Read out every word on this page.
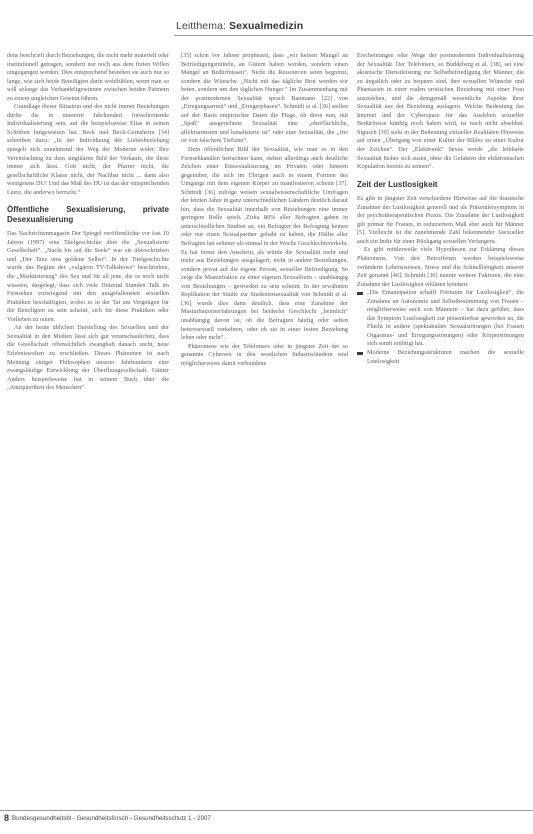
Leitthema: Sexualmedizin

dens beschrieft durch Beziehungen, die nicht mehr materiell oder institutionell getragen, sondern nur noch aus dem freien Willen eingegangen werden. Dies entsprechend bestehen sie auch nur so lange, wie sich beide Beteiligten darin wohlfühlen, wenn man so will solange das Verhandeltgewinnen zwischen beiden Partnern zu einem ungleichen Gewinn führen.

Grundlage dieser Situation und des nicht immer Beziehungen dürfte die in unserem Jahrhundert fortschreitende Individualisierung sein, auf die beispielsweise Elias in seinen Schriften hingewiesen hat. Beck und Beck-Gernsheim [34] schreiben dazu: „In der Individuung der Liebesbeziehung spiegelt sich zunehmend der Weg der Moderne wider. Ihre Vereinfachung zu dem singulären Bild der Verkaufs, die diese immer sich lässt. Gott nicht, der Pfarrer nicht, die gesellschaftliche Klasse nicht, der Nachbar nicht ... dann also wenigstens DU! Und das Maß des DU ist das der entsprechenden Leere, die anderwo herrscht.“

Öffentliche Sexualisierung, private Desexualisierung

Das Nachrichtenmagazin Der Spiegel veröffentlichte vor fast 10 Jahren (1997) eine Titelgeschichte über die „Sexualisierte Gesellschaft“. „Nackt bis auf die Seele“ war sie überschrieben und „Der Tanz ums goldene Selbst“. In der Titelgeschichte wurde das Beginn der „vulgären TV-Talkshows“ beschrieben, die „Marktisierung“ des Sex und für all jene, die es noch nicht wussten, dargelegt, dass sich viele Dutzend Stunden Talk im Fernsehen vorwiegend mit den ausgefallensten sexuellen Praktiken beschäftigten, wobei es in der Tat um Vergnügen für die Beteiligten zu sein scheint, sich für diese Praktiken oder Vorlieben zu outen.

An der heute üblichen Darstellung des Sexuellen und der Sexualität in den Medien lässt sich gut veranschaulichen, dass die Gesellschaft offensichtlich zwanghaft danach sucht, neue Erlebniswelten zu erschließen. Dieses Phänomen ist nach Meinung einiger Philosophen unserer Jahrhunderts eine zwangsläufige Entwicklung der Überflussgesellschaft. Günter Anders beispielsweise hat in seinem Buch über die „Antiquiertheit des Menschen“

[35] schon vor Jahren prophezeit, dass „wir keinen Mangel an Befriedigungsmitteln, an Gütern haben werden, sondern einen Mangel an Bedürfnissen“. Nicht die Ressourcen seien begrenzt, sondern die Wünsche. „Nicht mit das tägliche Brot werden wir beten, sondern um den täglichen Hunger.“ Im Zusammenhang mit der postmodernen Sexualität sprach Baumann [22] von „Erregungsarmut“ und „Erregerphasen“. Schmidt et al. [36] stellen auf der Basis empirischer Daten die Frage, ob diese nun, mit „Spaß“ ausgerichtete Sexualität eine „oberflächliche, affektsarmsten und banalisierte ist“ oder eine Sexualität, die „frei ist von falschem Tiefsinn“.

Dem öffentlichen Bild der Sexualität, wie man es in den Fernsehkanälen betrachten kann, stehen allerdings auch deutliche Zeichen einer Entsexualisierung im Privaten oder Inneren gegenüber, die sich im Übrigen auch in einem Formen des Umgangs mit dem eigenen Körper zu manifestieren scheint [37]. Schmidt [36] zufolge weisen sexualwissenschaftliche Umfragen der letzten Jahre in ganz unterschiedlichen Ländern deutlich darauf hin, dass die Sexualität innerhalb von Beziehungen eine immer geringere Rolle spielt. Zirka 80% aller Befragten gaben in unterschiedlichen Studien an, ein Befragter der Befragung keinen oder nur einen Sexualpartner gehabt zu haben, die Hälfte aller Befragten hat seltener als einmal in der Woche Geschlechtsverkehr. Es hat ferner den Anschein, als würde die Sexualität mehr und mehr aus Beziehungen ausgelagert, nicht in andere Beziehungen, sondern privat auf die eigene Person, sexueller Befriedigung. So zeigt die Masturbation zu einer eigenen Sexualform – unabhängig von Beziehungen – geworden zu sein scheint. In der erwähnten Replikation der Studie zur Studentensexualität von Schmidt et al. [36] wurde dies dann deutlich, dass eine Zunahme der Masturbationserfahrungen bei beiderlei Geschlecht „heimlich“ unabhängig davon ist, ob die Befragten häufig oder selten heterosexuell verkehren, oder ob sie in einer festen Beziehung leben oder nicht“.

Phänomene wie der Telefonsex oder in jüngster Zeit der so genannte Cybersex in den westlichen Industrieländern sind möglicherweise damit verbundene

Erscheinungen oder Wege der postmodernen Individualisierung der Sexualität. Der Telefonsex, so Buddeberg et al. [38], sei eine akustische Dienstleistung zur Selbstbefriedigung der Männer, die zu ängstlich oder zu bequem sind, ihre sexuellen Wünsche und Phantasien in einer realen erotischen Beziehung mit einer Frau auszuleben, und die demgemäß wesentliche Aspekte ihrer Sexualität aus der Beziehung auslagern. Welche Bedeutung das Internet und der Cyberspace für das Ausleben sexueller Bedürfnisse künftig noch haben wird, ist noch nicht absehbar. Sigusch [39] sieht in der Bedeutung virtueller Realitäten Hinweise auf einen „Übergang von einer Kultur der Bildes zu einer Kultur der Zeichen“. Der „Elektronik“ Sexus werde „die leibhafte Sexualität bisher sich ausen, ohne die Gefahren der elektronischen Kopulation bereits zu sennen“.

Zeit der Lustlosigkeit

Es gibt in jüngster Zeit verschiedene Hinweise auf die drastische Zunahme der Lustlosigkeit generell und als Präsentiersymptom in der psychotherapeutischen Praxis. Die Zunahme der Lustlosigkeit gilt primär für Frauen, in reduziertem Maß aber auch für Männer [5]. Vielleicht ist die zunehmende Zahl bekennender Asexueller auch ein Indiz für einer Rückgang sexuellen Verlangens.

Es gibt mittlerweile viele Hypothesen zur Erklärung dieses Phänomens. Von den Betroffenen werden beispielsweise veränderte Lebensweisen, Stress und die Schnelllebigkeit unserer Zeit genannt [40]. Schmidt [36] nannte weitere Faktoren, die eine Zunahme der Lustlosigkeit erklären könnten:

„Die Emanzipation schafft Freiraum für Lustlosigkeit“, die Zunahme an Autonomie und Selbstbestimmung von Frauen – möglicherweise auch von Männern – hat dazu geführt, dass das Symptom Lustlosigkeit zur präsentierbar geworden ist, die Flucht in andere (spektakuläre Sexualstörungen (bei Frauen Orgasmus- und Erregungsstörungen) oder Körperstörungen sich somit erübrigt hat.

Moderne Beziehungsstrukturen machen die sexuelle Lustlosigkeit

8 Bundesgesundheitsbl - Gesundheitsforsch - Gesundheitsschutz 1 - 2007
